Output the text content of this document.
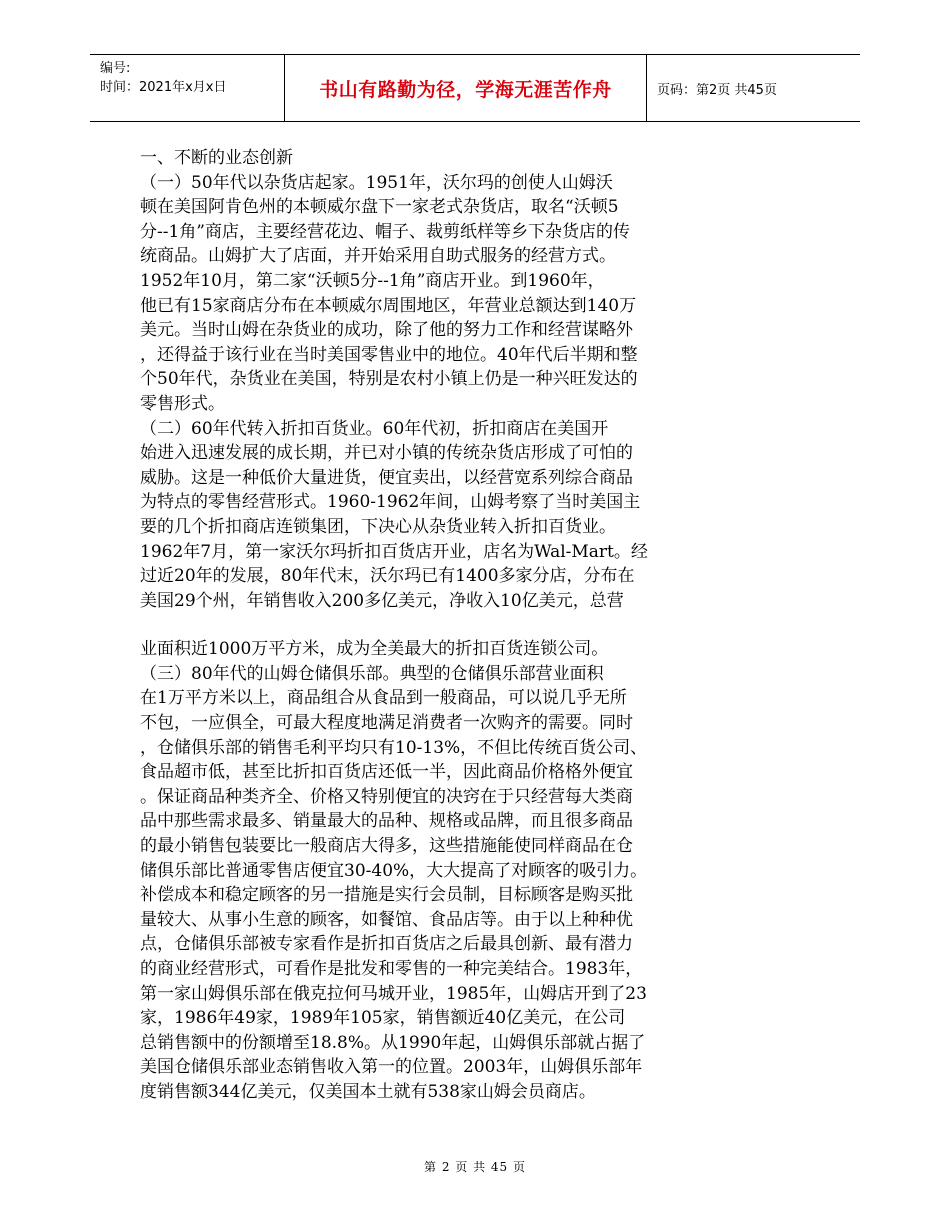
编号:
时间：2021年x月x日	书山有路勤为径，学海无涯苦作舟	页码：第2页 共45页
一、不断的业态创新
（一）50年代以杂货店起家。1951年，沃尔玛的创使人山姆沃
顿在美国阿肯色州的本顿威尔盘下一家老式杂货店，取名“沃顿5
分--1角”商店，主要经营花边、帽子、裁剪纸样等乡下杂货店的传
统商品。山姆扩大了店面，并开始采用自助式服务的经营方式。
1952年10月，第二家“沃顿5分--1角”商店开业。到1960年，
他已有15家商店分布在本顿威尔周围地区，年营业总额达到140万
美元。当时山姆在杂货业的成功，除了他的努力工作和经营谋略外
，还得益于该行业在当时美国零售业中的地位。40年代后半期和整
个50年代，杂货业在美国，特别是农村小镇上仍是一种兴旺发达的
零售形式。
（二）60年代转入折扣百货业。60年代初，折扣商店在美国开
始进入迅速发展的成长期，并已对小镇的传统杂货店形成了可怕的
威胁。这是一种低价大量进货，便宜卖出，以经营宽系列综合商品
为特点的零售经营形式。1960-1962年间，山姆考察了当时美国主
要的几个折扣商店连锁集团，下决心从杂货业转入折扣百货业。
1962年7月，第一家沃尔玛折扣百货店开业，店名为Wal-Mart。经
过近20年的发展，80年代末，沃尔玛已有1400多家分店，分布在
美国29个州，年销售收入200多亿美元，净收入10亿美元，总营
业面积近1000万平方米，成为全美最大的折扣百货连锁公司。
（三）80年代的山姆仓储俱乐部。典型的仓储俱乐部营业面积
在1万平方米以上，商品组合从食品到一般商品，可以说几乎无所
不包，一应俱全，可最大程度地满足消费者一次购齐的需要。同时
，仓储俱乐部的销售毛利平均只有10-13%，不但比传统百货公司、
食品超市低，甚至比折扣百货店还低一半，因此商品价格格外便宜
。保证商品种类齐全、价格又特别便宜的决窍在于只经营每大类商
品中那些需求最多、销量最大的品种、规格或品牌，而且很多商品
的最小销售包装要比一般商店大得多，这些措施能使同样商品在仓
储俱乐部比普通零售店便宜30-40%，大大提高了对顾客的吸引力。
补偿成本和稳定顾客的另一措施是实行会员制，目标顾客是购买批
量较大、从事小生意的顾客，如餐馆、食品店等。由于以上种种优
点，仓储俱乐部被专家看作是折扣百货店之后最具创新、最有潜力
的商业经营形式，可看作是批发和零售的一种完美结合。1983年，
第一家山姆俱乐部在俄克拉何马城开业，1985年，山姆店开到了23
家，1986年49家，1989年105家，销售额近40亿美元，在公司
总销售额中的份额增至18.8%。从1990年起，山姆俱乐部就占据了
美国仓储俱乐部业态销售收入第一的位置。2003年，山姆俱乐部年
度销售额344亿美元，仅美国本土就有538家山姆会员商店。
第 2 页 共 45 页
